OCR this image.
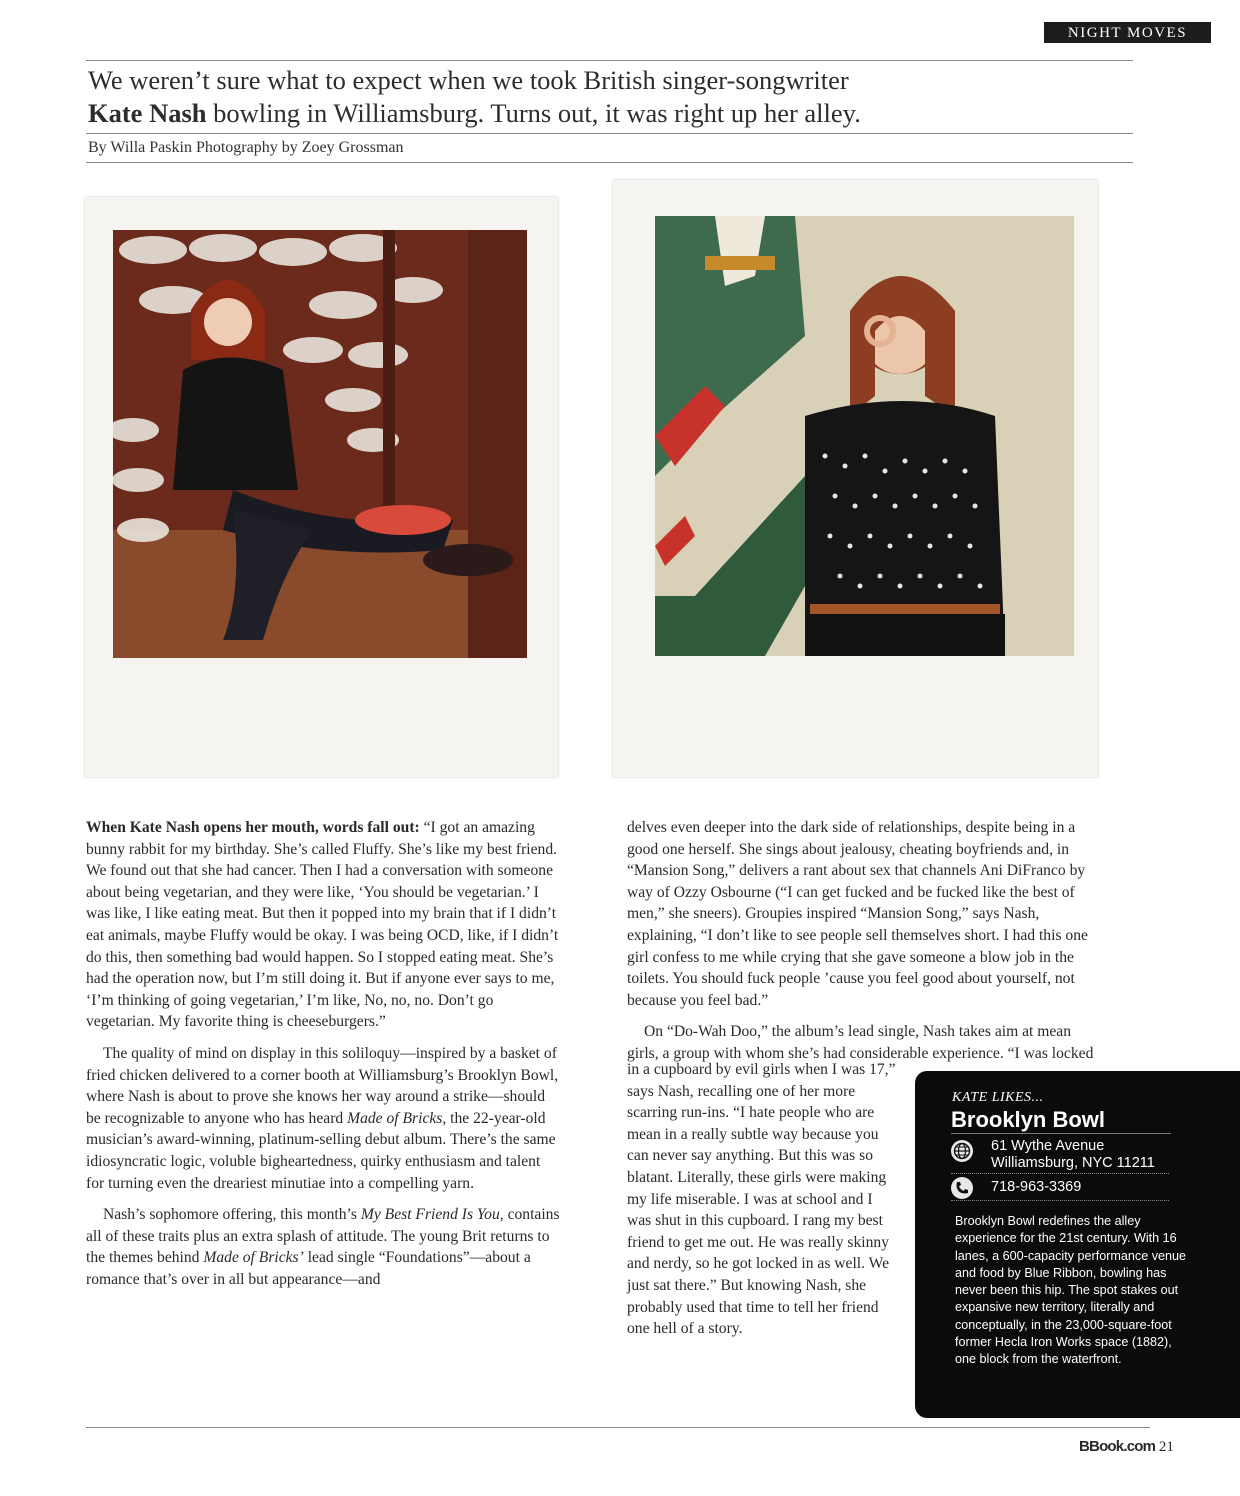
NIGHT MOVES
We weren’t sure what to expect when we took British singer-songwriter
Kate Nash bowling in Williamsburg. Turns out, it was right up her alley.
By Willa Paskin Photography by Zoey Grossman

When Kate Nash opens her mouth, words fall out: “I got an amazing bunny rabbit for my birthday. She’s called Fluffy. She’s like my best friend. We found out that she had cancer. Then I had a conversation with someone about being vegetarian, and they were like, ‘You should be vegetarian.’ I was like, I like eating meat. But then it popped into my brain that if I didn’t eat animals, maybe Fluffy would be okay. I was being OCD, like, if I didn’t do this, then something bad would happen. So I stopped eating meat. She’s had the operation now, but I’m still doing it. But if anyone ever says to me, ‘I’m thinking of going vegetarian,’ I’m like, No, no, no. Don’t go vegetarian. My favorite thing is cheeseburgers.”

The quality of mind on display in this soliloquy—inspired by a basket of fried chicken delivered to a corner booth at Williamsburg’s Brooklyn Bowl, where Nash is about to prove she knows her way around a strike—should be recognizable to anyone who has heard Made of Bricks, the 22-year-old musician’s award-winning, platinum-selling debut album. There’s the same idiosyncratic logic, voluble bigheartedness, quirky enthusiasm and talent for turning even the dreariest minutiae into a compelling yarn.

Nash’s sophomore offering, this month’s My Best Friend Is You, contains all of these traits plus an extra splash of attitude. The young Brit returns to the themes behind Made of Bricks’ lead single “Foundations”—about a romance that’s over in all but appearance—and

delves even deeper into the dark side of relationships, despite being in a good one herself. She sings about jealousy, cheating boyfriends and, in “Mansion Song,” delivers a rant about sex that channels Ani DiFranco by way of Ozzy Osbourne (“I can get fucked and be fucked like the best of men,” she sneers). Groupies inspired “Mansion Song,” says Nash, explaining, “I don’t like to see people sell themselves short. I had this one girl confess to me while crying that she gave someone a blow job in the toilets. You should fuck people ’cause you feel good about yourself, not because you feel bad.”

On “Do-Wah Doo,” the album’s lead single, Nash takes aim at mean girls, a group with whom she’s had considerable experience. “I was locked

in a cupboard by evil girls when I was 17,” says Nash, recalling one of her more scarring run-ins. “I hate people who are mean in a really subtle way because you can never say anything. But this was so blatant. Literally, these girls were making my life miserable. I was at school and I was shut in this cupboard. I rang my best friend to get me out. He was really skinny and nerdy, so he got locked in as well. We just sat there.” But knowing Nash, she probably used that time to tell her friend one hell of a story.

KATE LIKES...
Brooklyn Bowl
61 Wythe Avenue
Williamsburg, NYC 11211
718-963-3369
Brooklyn Bowl redefines the alley experience for the 21st century. With 16 lanes, a 600-capacity performance venue and food by Blue Ribbon, bowling has never been this hip. The spot stakes out expansive new territory, literally and conceptually, in the 23,000-square-foot former Hecla Iron Works space (1882), one block from the waterfront.
BBook.com 21
